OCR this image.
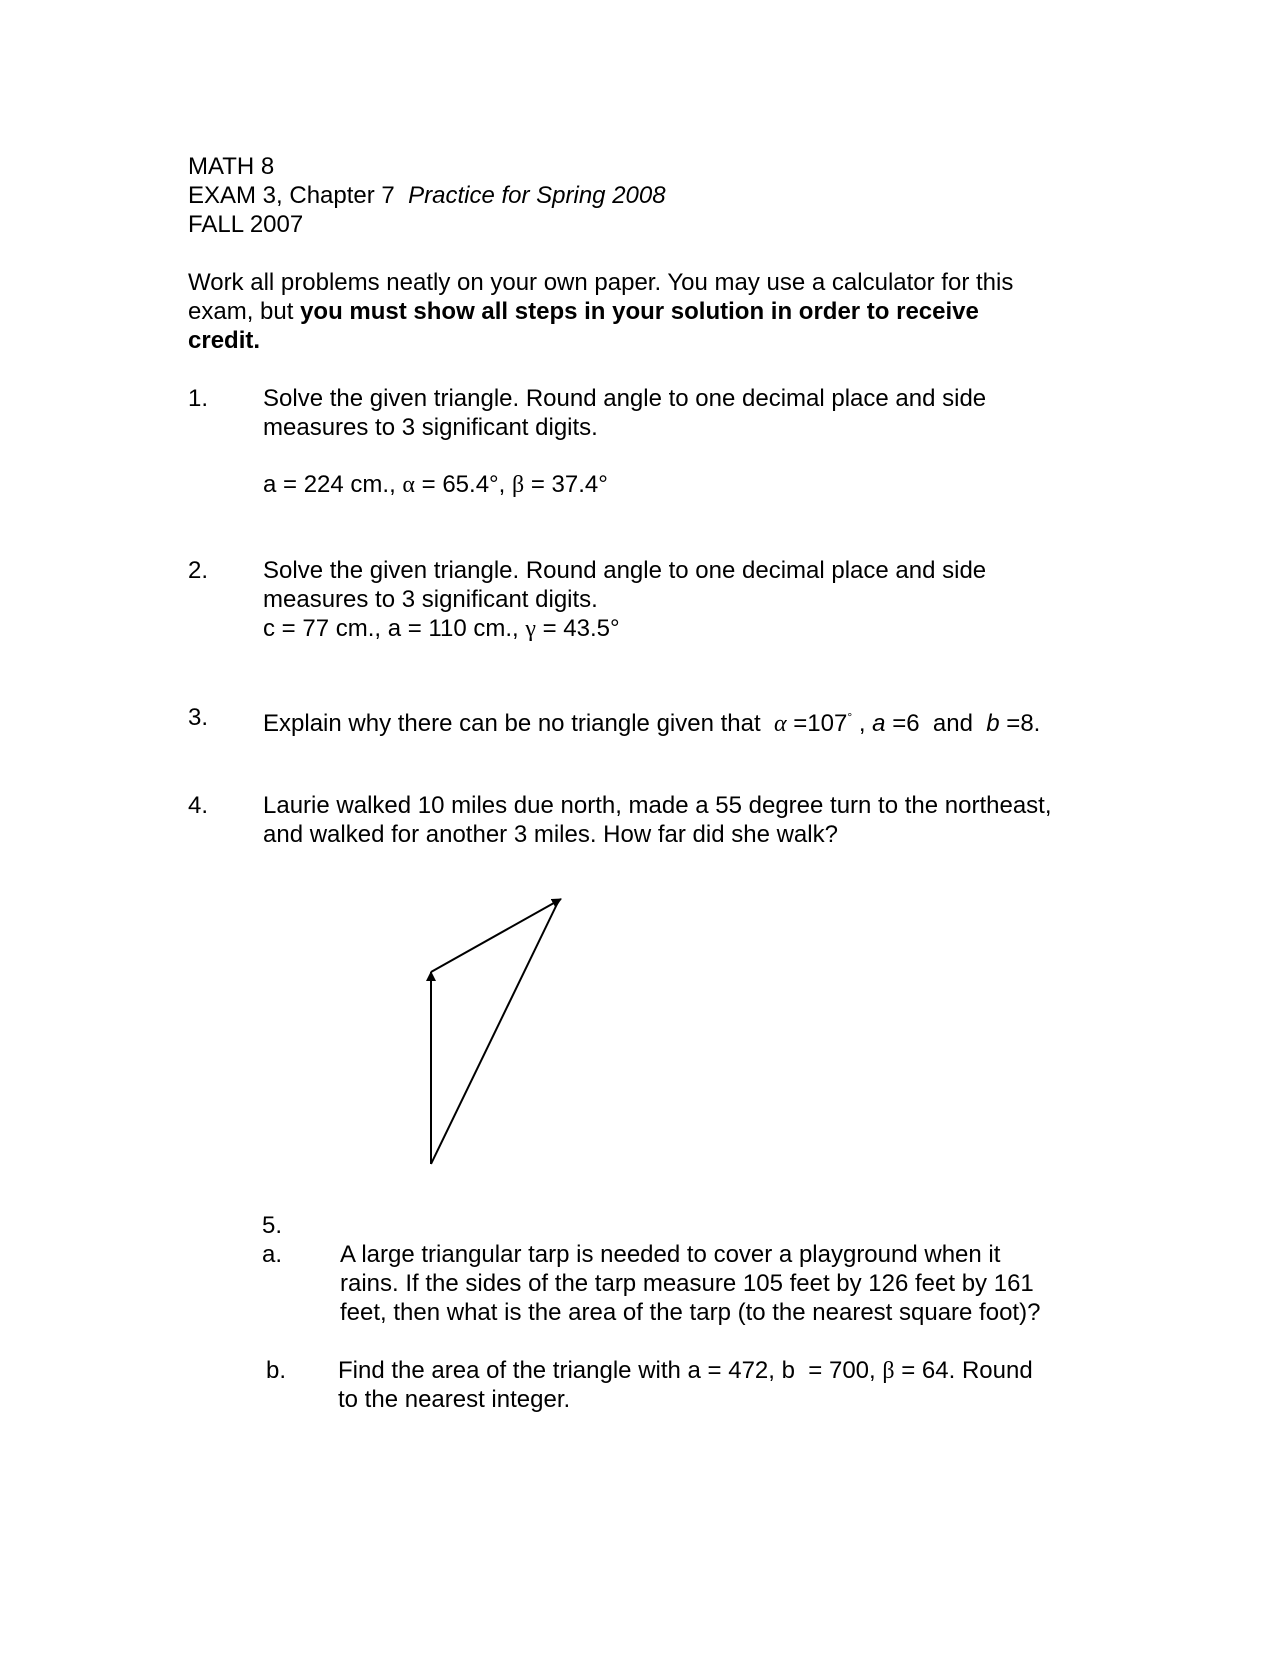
MATH 8
EXAM 3, Chapter 7 Practice for Spring 2008
FALL 2007
Work all problems neatly on your own paper. You may use a calculator for this
exam, but you must show all steps in your solution in order to receive
credit.
1. Solve the given triangle. Round angle to one decimal place and side
measures to 3 significant digits.
a = 224 cm., α = 65.4°, β = 37.4°
2. Solve the given triangle. Round angle to one decimal place and side
measures to 3 significant digits.
c = 77 cm., a = 110 cm., γ = 43.5°
3. Explain why there can be no triangle given that α =107° , a =6  and  b =8.
4. Laurie walked 10 miles due north, made a 55 degree turn to the northeast,
and walked for another 3 miles. How far did she walk?
5.
a. A large triangular tarp is needed to cover a playground when it
rains. If the sides of the tarp measure 105 feet by 126 feet by 161
feet, then what is the area of the tarp (to the nearest square foot)?
b. Find the area of the triangle with a = 472, b  = 700, β = 64. Round
to the nearest integer.
